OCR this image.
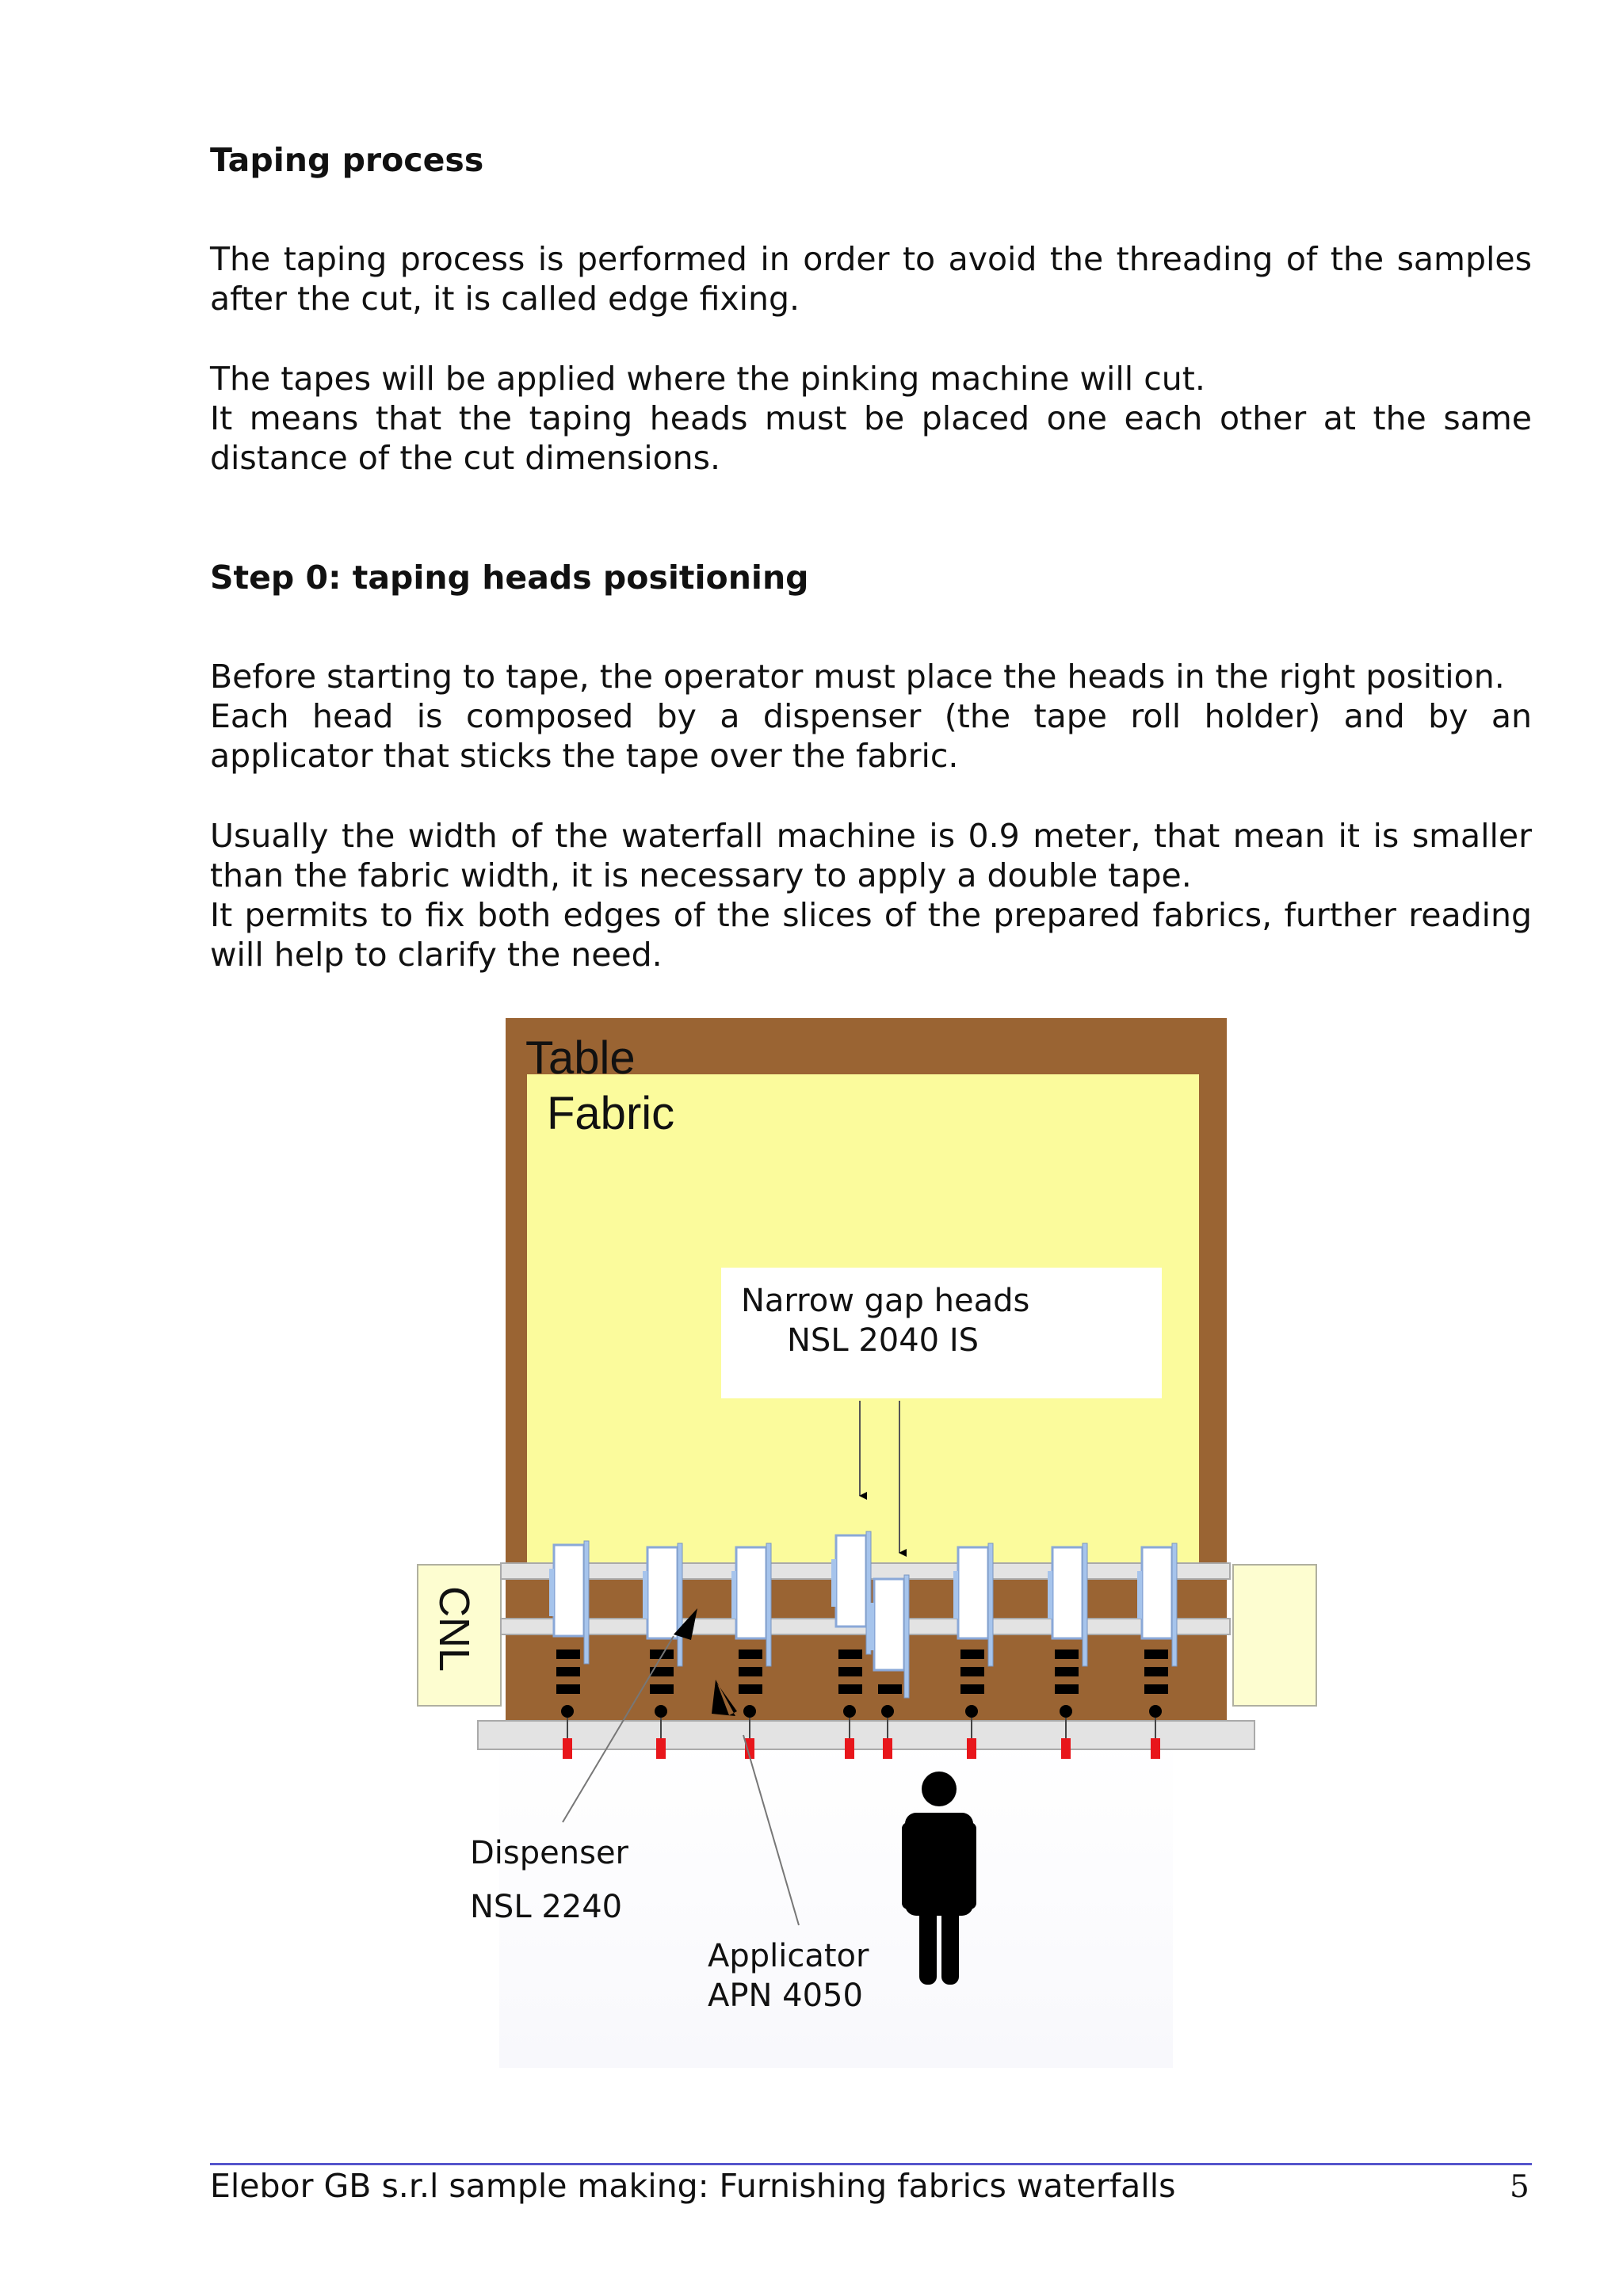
Taping process

The taping process is performed in order to avoid the threading of the samples
after the cut, it is called edge fixing.
The tapes will be applied where the pinking machine will cut.
It means that the taping heads must be placed one each other at the same
distance of the cut dimensions.

Step 0: taping heads positioning

Before starting to tape, the operator must place the heads in the right position.
Each head is composed by a dispenser (the tape roll holder) and by an
applicator that sticks the tape over the fabric.
Usually the width of the waterfall machine is 0.9 meter, that mean it is smaller
than the fabric width, it is necessary to apply a double tape.
It permits to fix both edges of the slices of the prepared fabrics, further reading
will help to clarify the need.
Table
Fabric
Narrow gap heads
NSL 2040 IS
CNL
Dispenser
NSL 2240
Applicator
APN 4050
Elebor GB s.r.l sample making: Furnishing fabrics waterfalls	5
